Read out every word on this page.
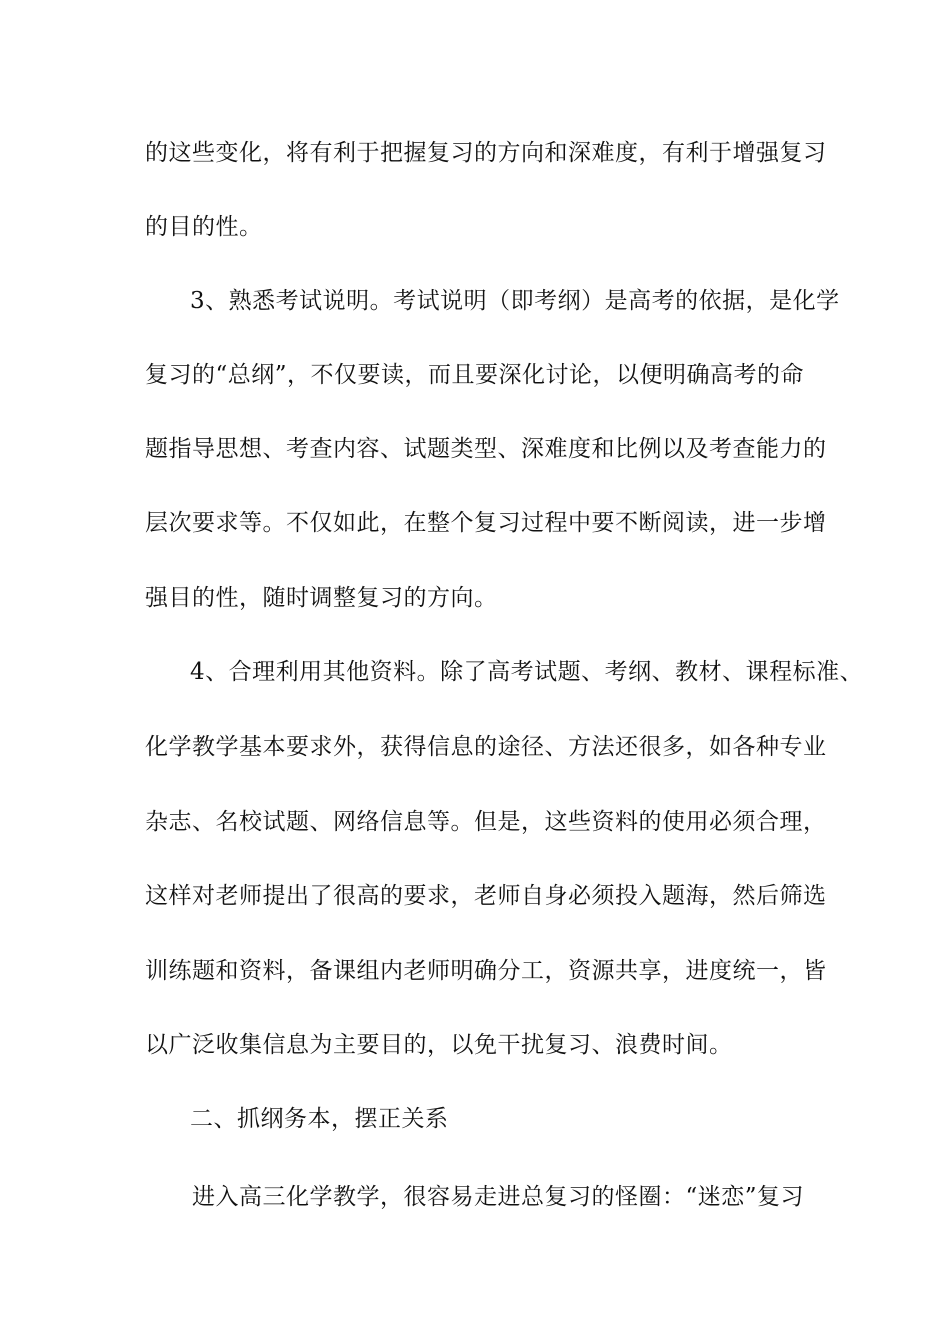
的这些变化，将有利于把握复习的方向和深难度，有利于增强复习
的目的性。
3、熟悉考试说明。考试说明（即考纲）是高考的依据，是化学
复习的“总纲”，不仅要读，而且要深化讨论，以便明确高考的命
题指导思想、考查内容、试题类型、深难度和比例以及考查能力的
层次要求等。不仅如此，在整个复习过程中要不断阅读，进一步增
强目的性，随时调整复习的方向。
4、合理利用其他资料。除了高考试题、考纲、教材、课程标准、
化学教学基本要求外，获得信息的途径、方法还很多，如各种专业
杂志、名校试题、网络信息等。但是，这些资料的使用必须合理，
这样对老师提出了很高的要求，老师自身必须投入题海，然后筛选
训练题和资料，备课组内老师明确分工，资源共享，进度统一，皆
以广泛收集信息为主要目的，以免干扰复习、浪费时间。
二、抓纲务本，摆正关系
进入高三化学教学，很容易走进总复习的怪圈：“迷恋”复习
